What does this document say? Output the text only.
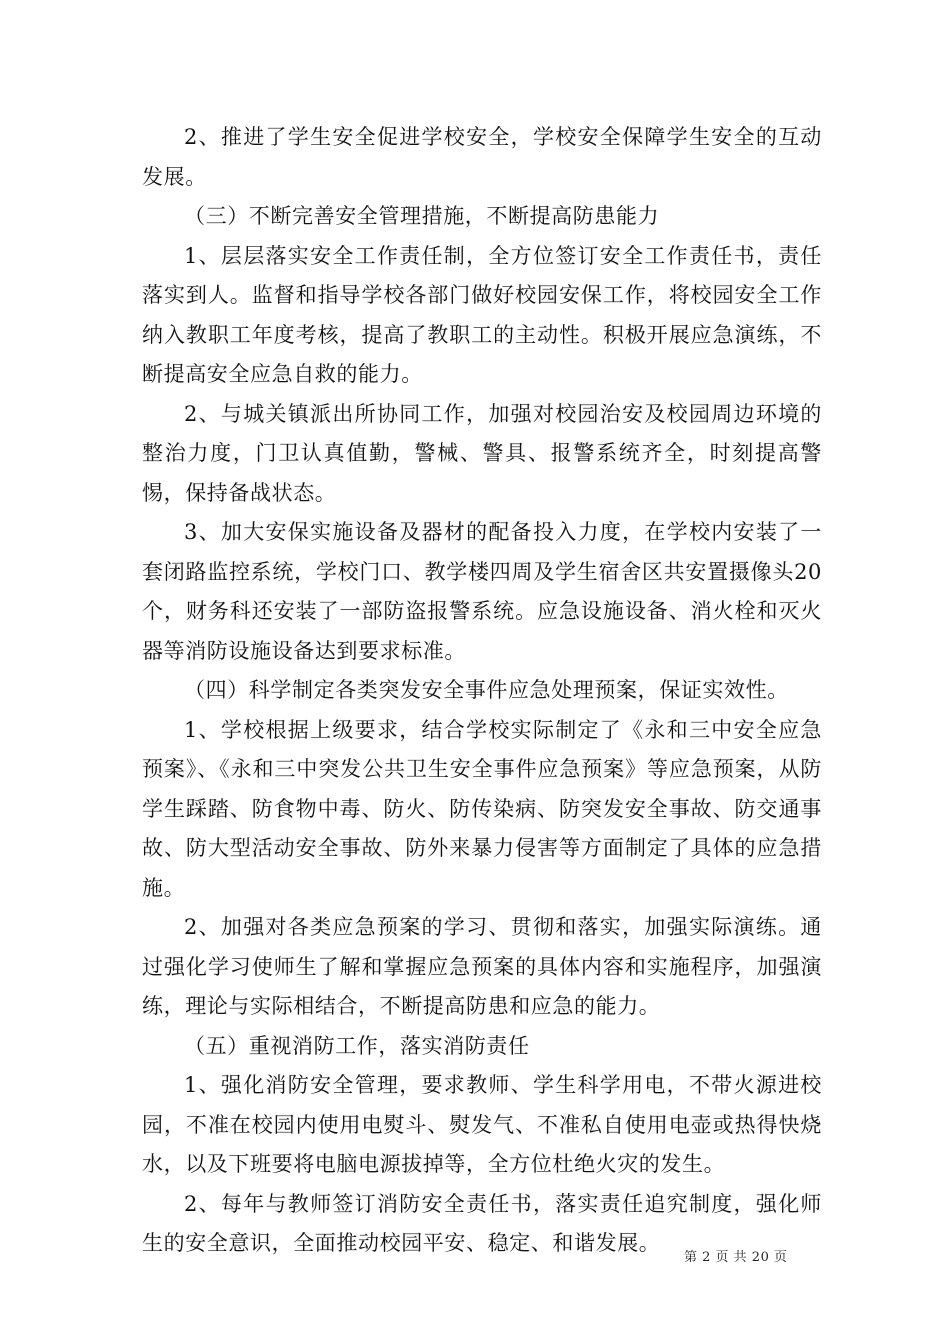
2、推进了学生安全促进学校安全，学校安全保障学生安全的互动发展。

（三）不断完善安全管理措施，不断提高防患能力

1、层层落实安全工作责任制，全方位签订安全工作责任书，责任落实到人。监督和指导学校各部门做好校园安保工作，将校园安全工作纳入教职工年度考核，提高了教职工的主动性。积极开展应急演练，不断提高安全应急自救的能力。

2、与城关镇派出所协同工作，加强对校园治安及校园周边环境的整治力度，门卫认真值勤，警械、警具、报警系统齐全，时刻提高警惕，保持备战状态。

3、加大安保实施设备及器材的配备投入力度，在学校内安装了一套闭路监控系统，学校门口、教学楼四周及学生宿舍区共安置摄像头20个，财务科还安装了一部防盗报警系统。应急设施设备、消火栓和灭火器等消防设施设备达到要求标准。

（四）科学制定各类突发安全事件应急处理预案，保证实效性。

1、学校根据上级要求，结合学校实际制定了《永和三中安全应急预案》、《永和三中突发公共卫生安全事件应急预案》等应急预案，从防学生踩踏、防食物中毒、防火、防传染病、防突发安全事故、防交通事故、防大型活动安全事故、防外来暴力侵害等方面制定了具体的应急措施。

2、加强对各类应急预案的学习、贯彻和落实，加强实际演练。通过强化学习使师生了解和掌握应急预案的具体内容和实施程序，加强演练，理论与实际相结合，不断提高防患和应急的能力。

（五）重视消防工作，落实消防责任

1、强化消防安全管理，要求教师、学生科学用电，不带火源进校园，不准在校园内使用电熨斗、熨发气、不准私自使用电壶或热得快烧水，以及下班要将电脑电源拔掉等，全方位杜绝火灾的发生。

2、每年与教师签订消防安全责任书，落实责任追究制度，强化师生的安全意识，全面推动校园平安、稳定、和谐发展。

第 2 页 共 20 页
